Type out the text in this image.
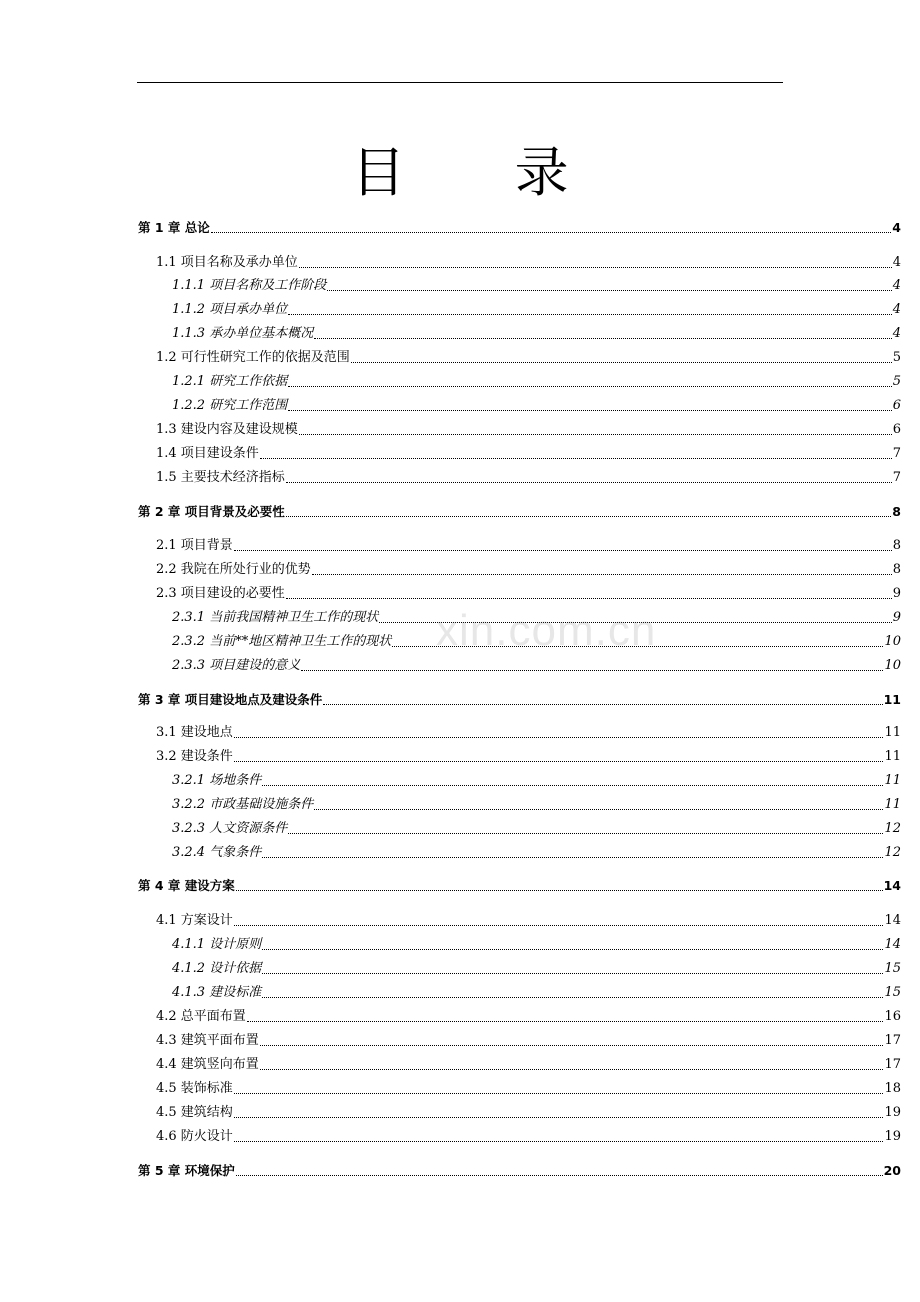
目 录
第 1 章 总论	4
1.1 项目名称及承办单位	4
1.1.1 项目名称及工作阶段	4
1.1.2 项目承办单位	4
1.1.3 承办单位基本概况	4
1.2 可行性研究工作的依据及范围	5
1.2.1 研究工作依据	5
1.2.2 研究工作范围	6
1.3 建设内容及建设规模	6
1.4 项目建设条件	7
1.5 主要技术经济指标	7
第 2 章 项目背景及必要性	8
2.1 项目背景	8
2.2 我院在所处行业的优势	8
2.3 项目建设的必要性	9
2.3.1 当前我国精神卫生工作的现状	9
2.3.2 当前**地区精神卫生工作的现状	10
2.3.3 项目建设的意义	10
第 3 章 项目建设地点及建设条件	11
3.1 建设地点	11
3.2 建设条件	11
3.2.1 场地条件	11
3.2.2 市政基础设施条件	11
3.2.3 人文资源条件	12
3.2.4 气象条件	12
第 4 章 建设方案	14
4.1 方案设计	14
4.1.1 设计原则	14
4.1.2 设计依据	15
4.1.3 建设标准	15
4.2 总平面布置	16
4.3 建筑平面布置	17
4.4 建筑竖向布置	17
4.5 装饰标准	18
4.5 建筑结构	19
4.6 防火设计	19
第 5 章 环境保护	20
xin.com.cn
